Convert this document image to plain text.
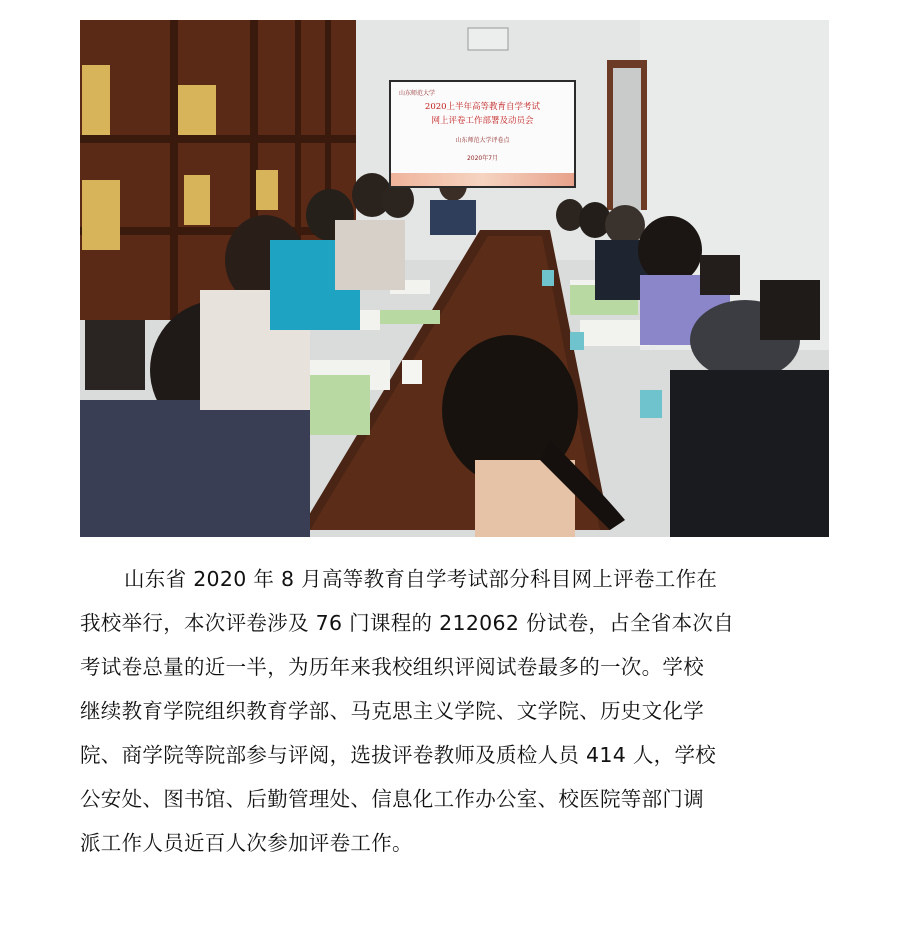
山东师范大学
2020上半年高等教育自学考试
网上评卷工作部署及动员会
山东师范大学评卷点
2020年7月
山东省 2020 年 8 月高等教育自学考试部分科目网上评卷工作在
我校举行，本次评卷涉及 76 门课程的 212062 份试卷，占全省本次自
考试卷总量的近一半，为历年来我校组织评阅试卷最多的一次。学校
继续教育学院组织教育学部、马克思主义学院、文学院、历史文化学
院、商学院等院部参与评阅，选拔评卷教师及质检人员 414 人，学校
公安处、图书馆、后勤管理处、信息化工作办公室、校医院等部门调
派工作人员近百人次参加评卷工作。
